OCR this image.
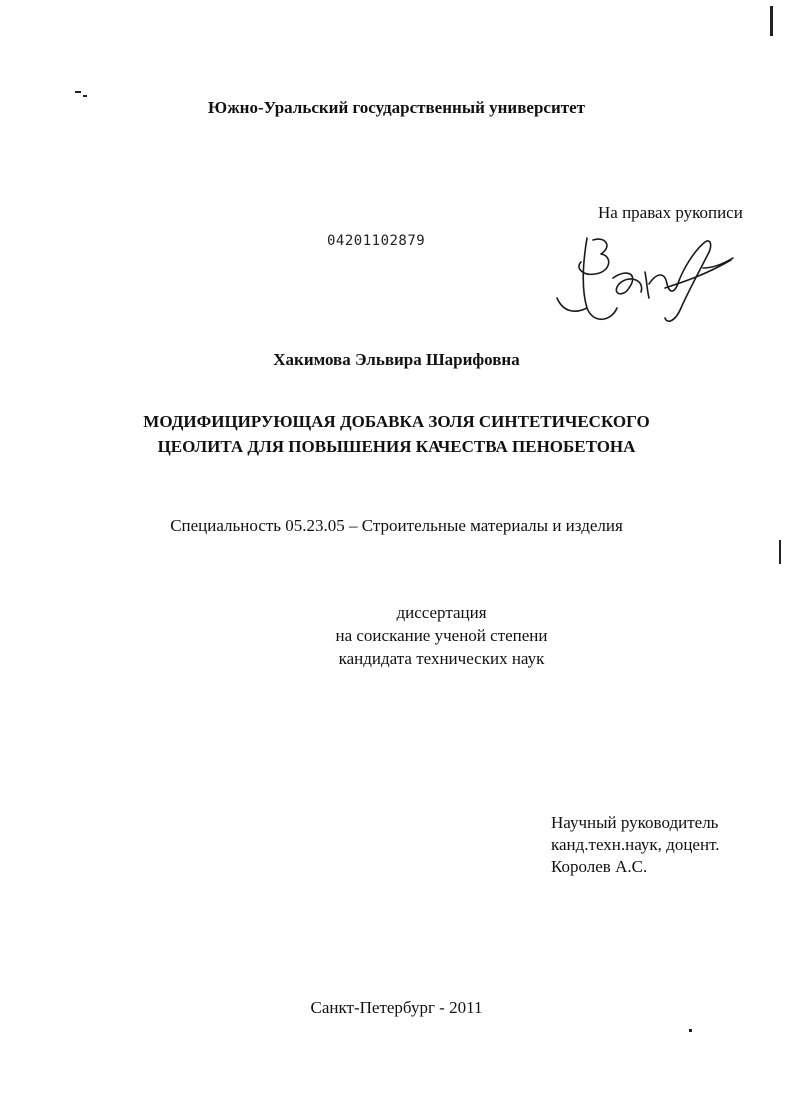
Южно-Уральский государственный университет
На правах рукописи
04201102879
Хакимова Эльвира Шарифовна
МОДИФИЦИРУЮЩАЯ ДОБАВКА ЗОЛЯ СИНТЕТИЧЕСКОГО
ЦЕОЛИТА ДЛЯ ПОВЫШЕНИЯ КАЧЕСТВА ПЕНОБЕТОНА
Специальность 05.23.05 – Строительные материалы и изделия
диссертация
на соискание ученой степени
кандидата технических наук
Научный руководитель
канд.техн.наук, доцент.
Королев А.С.
Санкт-Петербург - 2011
